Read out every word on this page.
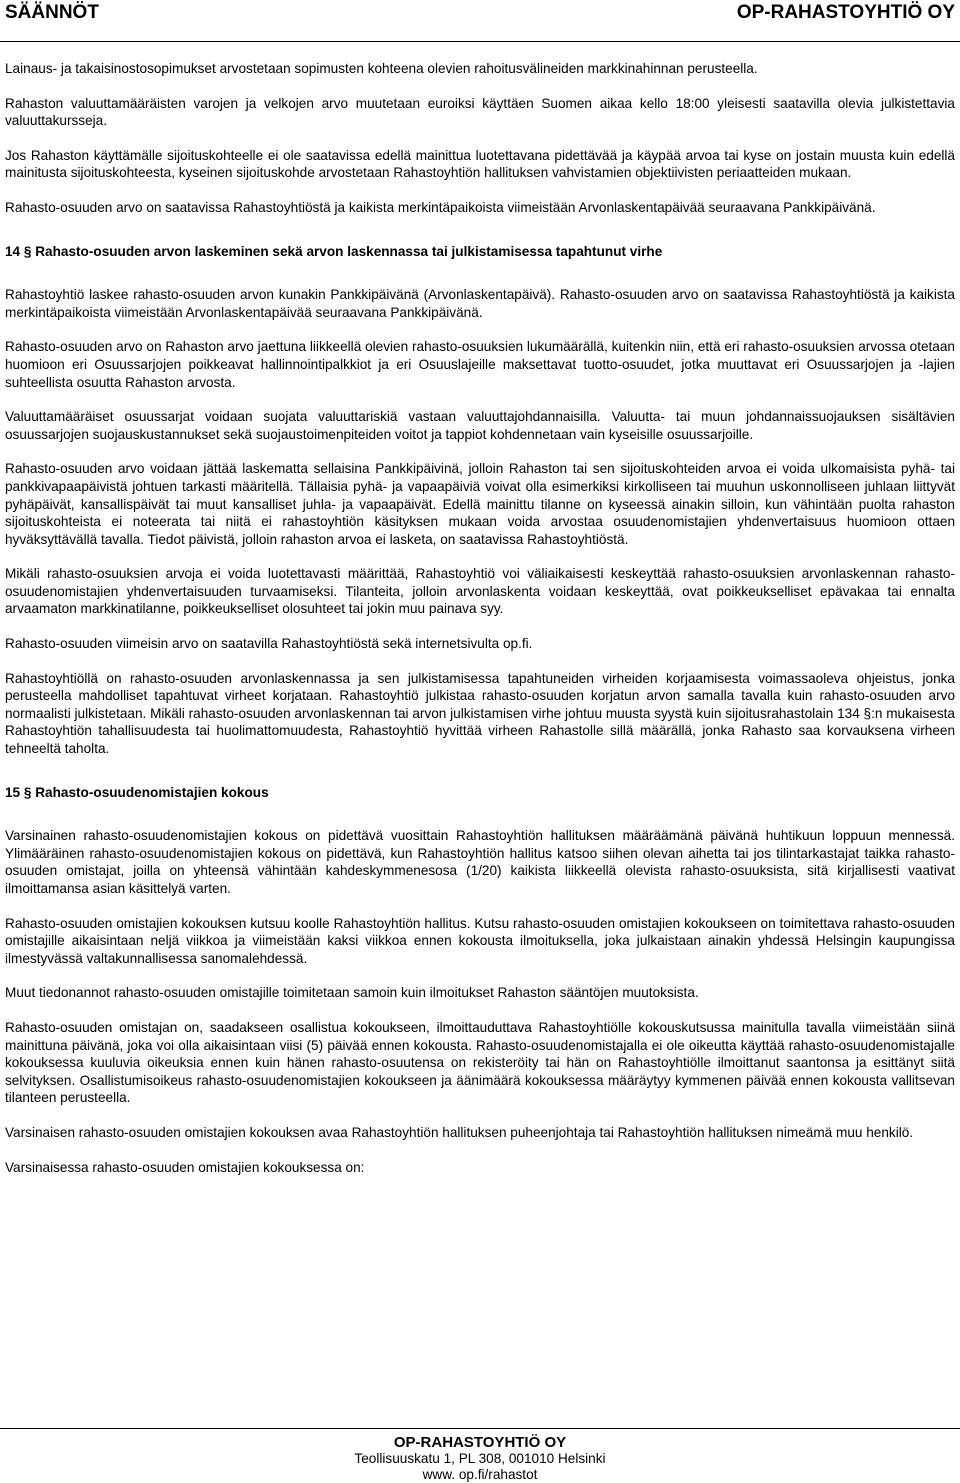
SÄÄNNÖT	OP-RAHASTOYHTIÖ OY

Lainaus- ja takaisinostosopimukset arvostetaan sopimusten kohteena olevien rahoitusvälineiden markkinahinnan perusteella.

Rahaston valuuttamääräisten varojen ja velkojen arvo muutetaan euroiksi käyttäen Suomen aikaa kello 18:00 yleisesti saatavilla olevia julkistettavia valuuttakursseja.

Jos Rahaston käyttämälle sijoituskohteelle ei ole saatavissa edellä mainittua luotettavana pidettävää ja käypää arvoa tai kyse on jostain muusta kuin edellä mainitusta sijoituskohteesta, kyseinen sijoituskohde arvostetaan Rahastoyhtiön hallituksen vahvistamien objektiivisten periaatteiden mukaan.

Rahasto-osuuden arvo on saatavissa Rahastoyhtiöstä ja kaikista merkintäpaikoista viimeistään Arvonlaskentapäivää seuraavana Pankkipäivänä.

14 § Rahasto-osuuden arvon laskeminen sekä arvon laskennassa tai julkistamisessa tapahtunut virhe

Rahastoyhtiö laskee rahasto-osuuden arvon kunakin Pankkipäivänä (Arvonlaskentapäivä). Rahasto-osuuden arvo on saatavissa Rahastoyhtiöstä ja kaikista merkintäpaikoista viimeistään Arvonlaskentapäivää seuraavana Pankkipäivänä.

Rahasto-osuuden arvo on Rahaston arvo jaettuna liikkeellä olevien rahasto-osuuksien lukumäärällä, kuitenkin niin, että eri rahasto-osuuksien arvossa otetaan huomioon eri Osuussarjojen poikkeavat hallinnointipalkkiot ja eri Osuuslajeille maksettavat tuotto-osuudet, jotka muuttavat eri Osuussarjojen ja -lajien suhteellista osuutta Rahaston arvosta.

Valuuttamääräiset osuussarjat voidaan suojata valuuttariskiä vastaan valuuttajohdannaisilla. Valuutta- tai muun johdannaissuojauksen sisältävien osuussarjojen suojauskustannukset sekä suojaustoimenpiteiden voitot ja tappiot kohdennetaan vain kyseisille osuussarjoille.

Rahasto-osuuden arvo voidaan jättää laskematta sellaisina Pankkipäivinä, jolloin Rahaston tai sen sijoituskohteiden arvoa ei voida ulkomaisista pyhä- tai pankkivapaapäivistä johtuen tarkasti määritellä. Tällaisia pyhä- ja vapaapäiviä voivat olla esimerkiksi kirkolliseen tai muuhun uskonnolliseen juhlaan liittyvät pyhäpäivät, kansallispäivät tai muut kansalliset juhla- ja vapaapäivät. Edellä mainittu tilanne on kyseessä ainakin silloin, kun vähintään puolta rahaston sijoituskohteista ei noteerata tai niitä ei rahastoyhtiön käsityksen mukaan voida arvostaa osuudenomistajien yhdenvertaisuus huomioon ottaen hyväksyttävällä tavalla. Tiedot päivistä, jolloin rahaston arvoa ei lasketa, on saatavissa Rahastoyhtiöstä.

Mikäli rahasto-osuuksien arvoja ei voida luotettavasti määrittää, Rahastoyhtiö voi väliaikaisesti keskeyttää rahasto-osuuksien arvonlaskennan rahasto-osuudenomistajien yhdenvertaisuuden turvaamiseksi. Tilanteita, jolloin arvonlaskenta voidaan keskeyttää, ovat poikkeukselliset epävakaa tai ennalta arvaamaton markkinatilanne, poikkeukselliset olosuhteet tai jokin muu painava syy.

Rahasto-osuuden viimeisin arvo on saatavilla Rahastoyhtiöstä sekä internetsivulta op.fi.

Rahastoyhtiöllä on rahasto-osuuden arvonlaskennassa ja sen julkistamisessa tapahtuneiden virheiden korjaamisesta voimassaoleva ohjeistus, jonka perusteella mahdolliset tapahtuvat virheet korjataan. Rahastoyhtiö julkistaa rahasto-osuuden korjatun arvon samalla tavalla kuin rahasto-osuuden arvo normaalisti julkistetaan. Mikäli rahasto-osuuden arvonlaskennan tai arvon julkistamisen virhe johtuu muusta syystä kuin sijoitusrahastolain 134 §:n mukaisesta Rahastoyhtiön tahallisuudesta tai huolimattomuudesta, Rahastoyhtiö hyvittää virheen Rahastolle sillä määrällä, jonka Rahasto saa korvauksena virheen tehneeltä taholta.

15 § Rahasto-osuudenomistajien kokous

Varsinainen rahasto-osuudenomistajien kokous on pidettävä vuosittain Rahastoyhtiön hallituksen määräämänä päivänä huhtikuun loppuun mennessä. Ylimääräinen rahasto-osuudenomistajien kokous on pidettävä, kun Rahastoyhtiön hallitus katsoo siihen olevan aihetta tai jos tilintarkastajat taikka rahasto-osuuden omistajat, joilla on yhteensä vähintään kahdeskymmenesosa (1/20) kaikista liikkeellä olevista rahasto-osuuksista, sitä kirjallisesti vaativat ilmoittamansa asian käsittelyä varten.

Rahasto-osuuden omistajien kokouksen kutsuu koolle Rahastoyhtiön hallitus. Kutsu rahasto-osuuden omistajien kokoukseen on toimitettava rahasto-osuuden omistajille aikaisintaan neljä viikkoa ja viimeistään kaksi viikkoa ennen kokousta ilmoituksella, joka julkaistaan ainakin yhdessä Helsingin kaupungissa ilmestyvässä valtakunnallisessa sanomalehdessä.

Muut tiedonannot rahasto-osuuden omistajille toimitetaan samoin kuin ilmoitukset Rahaston sääntöjen muutoksista.

Rahasto-osuuden omistajan on, saadakseen osallistua kokoukseen, ilmoittauduttava Rahastoyhtiölle kokouskutsussa mainitulla tavalla viimeistään siinä mainittuna päivänä, joka voi olla aikaisintaan viisi (5) päivää ennen kokousta. Rahasto-osuudenomistajalla ei ole oikeutta käyttää rahasto-osuudenomistajalle kokouksessa kuuluvia oikeuksia ennen kuin hänen rahasto-osuutensa on rekisteröity tai hän on Rahastoyhtiölle ilmoittanut saantonsa ja esittänyt siitä selvityksen. Osallistumisoikeus rahasto-osuudenomistajien kokoukseen ja äänimäärä kokouksessa määräytyy kymmenen päivää ennen kokousta vallitsevan tilanteen perusteella.

Varsinaisen rahasto-osuuden omistajien kokouksen avaa Rahastoyhtiön hallituksen puheenjohtaja tai Rahastoyhtiön hallituksen nimeämä muu henkilö.

Varsinaisessa rahasto-osuuden omistajien kokouksessa on:

OP-RAHASTOYHTIÖ OY
Teollisuuskatu 1, PL 308, 001010 Helsinki
www. op.fi/rahastot
